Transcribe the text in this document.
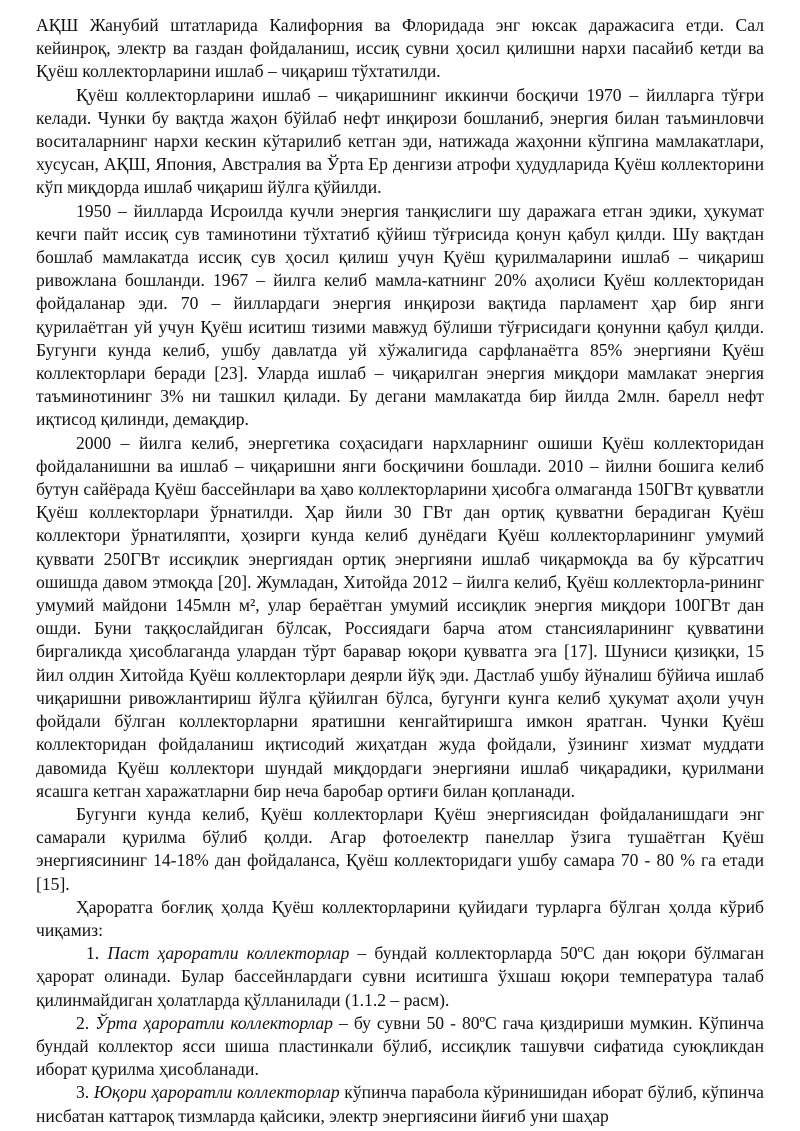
АҚШ Жанубий штатларида Калифорния ва Флоридада энг юксак даражасига етди. Сал кейинроқ, электр ва газдан фойдаланиш, иссиқ сувни ҳосил қилишни нархи пасайиб кетди ва Қуёш коллекторларини ишлаб – чиқариш тўхтатилди.

Қуёш коллекторларини ишлаб – чиқаришнинг иккинчи босқичи 1970 – йилларга тўғри келади. Чунки бу вақтда жаҳон бўйлаб нефт инқирози бошланиб, энергия билан таъминловчи воситаларнинг нархи кескин кўтарилиб кетган эди, натижада жаҳонни кўпгина мамлакатлари, хусусан, АҚШ, Япония, Австралия ва Ўрта Ер денгизи атрофи ҳудудларида Қуёш коллекторини кўп миқдорда ишлаб чиқариш йўлга қўйилди.

1950 – йилларда Исроилда кучли энергия танқислиги шу даражага етган эдики, ҳукумат кечги пайт иссиқ сув таминотини тўхтатиб қўйиш тўғрисида қонун қабул қилди. Шу вақтдан бошлаб мамлакатда иссиқ сув ҳосил қилиш учун Қуёш қурилмаларини ишлаб – чиқариш ривожлана бошланди. 1967 – йилга келиб мамла-катнинг 20% аҳолиси Қуёш коллекторидан фойдаланар эди. 70 – йиллардаги энергия инқирози вақтида парламент ҳар бир янги қурилаётган уй учун Қуёш иситиш тизими мавжуд бўлиши тўғрисидаги қонунни қабул қилди. Бугунги кунда келиб, ушбу давлатда уй хўжалигида сарфланаётга 85% энергияни Қуёш коллекторлари беради [23]. Уларда ишлаб – чиқарилган энергия миқдори мамлакат энергия таъминотининг 3% ни ташкил қилади. Бу дегани мамлакатда бир йилда 2млн. барелл нефт иқтисод қилинди, демақдир.

2000 – йилга келиб, энергетика соҳасидаги нархларнинг ошиши Қуёш коллекторидан фойдаланишни ва ишлаб – чиқаришни янги босқичини бошлади. 2010 – йилни бошига келиб бутун сайёрада Қуёш бассейнлари ва ҳаво коллекторларини ҳисобга олмаганда 150ГВт қувватли Қуёш коллекторлари ўрнатилди. Ҳар йили 30 ГВт дан ортиқ қувватни берадиган Қуёш коллектори ўрнатиляпти, ҳозирги кунда келиб дунёдаги Қуёш коллекторларининг умумий қуввати 250ГВт иссиқлик энергиядан ортиқ энергияни ишлаб чиқармоқда ва бу кўрсатгич ошишда давом этмоқда [20]. Жумладан, Хитойда 2012 – йилга келиб, Қуёш коллекторла-рининг умумий майдони 145млн м², улар бераётган умумий иссиқлик энергия миқдори 100ГВт дан ошди. Буни таққослайдиган бўлсак, Россиядаги барча атом стансияларининг қувватини биргаликда ҳисоблаганда улардан тўрт баравар юқори қувватга эга [17]. Шуниси қизиқки, 15 йил олдин Хитойда Қуёш коллекторлари деярли йўқ эди. Дастлаб ушбу йўналиш бўйича ишлаб чиқаришни ривожлантириш йўлга қўйилган бўлса, бугунги кунга келиб ҳукумат аҳоли учун фойдали бўлган коллекторларни яратишни кенгайтиришга имкон яратган. Чунки Қуёш коллекторидан фойдаланиш иқтисодий жиҳатдан жуда фойдали, ўзининг хизмат муддати давомида Қуёш коллектори шундай миқдордаги энергияни ишлаб чиқарадики, қурилмани ясашга кетган харажатларни бир неча баробар ортиғи билан қопланади.

Бугунги кунда келиб, Қуёш коллекторлари Қуёш энергиясидан фойдаланишдаги энг самарали қурилма бўлиб қолди. Агар фотоелектр панеллар ўзига тушаётган Қуёш энергиясининг 14-18% дан фойдаланса, Қуёш коллекторидаги ушбу самара 70 - 80 % га етади [15].

Ҳароратга боғлиқ ҳолда Қуёш коллекторларини қуйидаги турларга бўлган ҳолда кўриб чиқамиз:

1. Паст ҳароратли коллекторлар – бундай коллекторларда 50ºС дан юқори бўлмаган ҳарорат олинади. Булар бассейнлардаги сувни иситишга ўхшаш юқори температура талаб қилинмайдиган ҳолатларда қўлланилади (1.1.2 – расм).

2. Ўрта ҳароратли коллекторлар – бу сувни 50 - 80ºС гача қиздириши мумкин. Кўпинча бундай коллектор ясси шиша пластинкали бўлиб, иссиқлик ташувчи сифатида суюқликдан иборат қурилма ҳисобланади.

3. Юқори ҳароратли коллекторлар кўпинча парабола кўринишидан иборат бўлиб, кўпинча нисбатан каттароқ тизмларда қайсики, электр энергиясини йиғиб уни шаҳар
